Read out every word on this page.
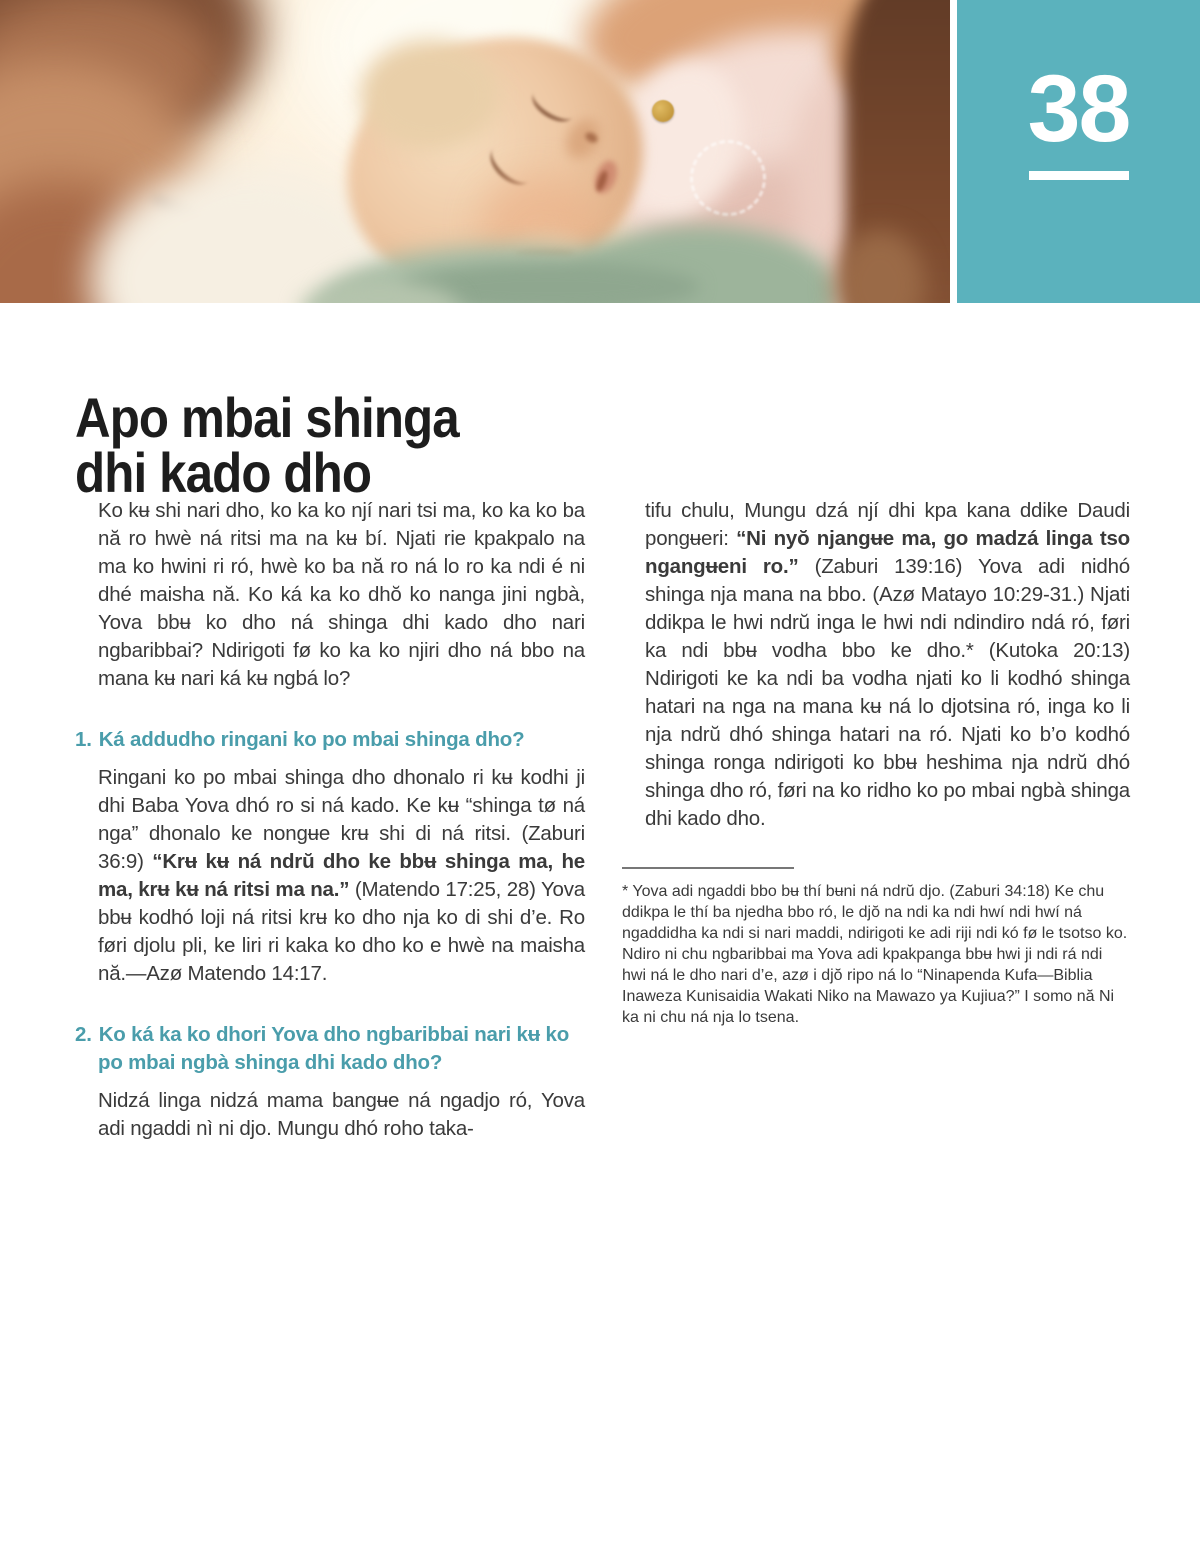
38
Apo mbai shinga
dhi kado dho

Ko kʉ shi nari dho, ko ka ko njí nari tsi ma, ko ka ko ba nă ro hwè ná ritsi ma na kʉ bí. Njati rie kpakpalo na ma ko hwini ri ró, hwè ko ba nă ro ná lo ro ka ndi é ni dhé maisha nă. Ko ká ka ko dhŏ ko nanga jini ngbà, Yova bbʉ ko dho ná shinga dhi kado dho nari ngbaribbai? Ndirigoti fø ko ka ko njiri dho ná bbo na mana kʉ nari ká kʉ ngbá lo?

1. Ká addudho ringani ko po mbai shinga dho?

Ringani ko po mbai shinga dho dhonalo ri kʉ kodhi ji dhi Baba Yova dhó ro si ná kado. Ke kʉ “shinga tø ná nga” dhonalo ke nongʉe krʉ shi di ná ritsi. (Zaburi 36:9) “Krʉ kʉ ná ndrŭ dho ke bbʉ shinga ma, he ma, krʉ kʉ ná ritsi ma na.” (Matendo 17:25, 28) Yova bbʉ kodhó loji ná ritsi krʉ ko dho nja ko di shi d’e. Ro føri djolu pli, ke liri ri kaka ko dho ko e hwè na maisha nă.—Azø Matendo 14:17.

2. Ko ká ka ko dhori Yova dho ngbaribbai nari kʉ ko po mbai ngbà shinga dhi kado dho?

Nidzá linga nidzá mama bangʉe ná ngadjo ró, Yova adi ngaddi nì ni djo. Mungu dhó roho taka-

tifu chulu, Mungu dzá njí dhi kpa kana ddike Daudi pongʉeri: “Ni nyŏ njangʉe ma, go madzá linga tso ngangʉeni ro.” (Zaburi 139:16) Yova adi nidhó shinga nja mana na bbo. (Azø Matayo 10:29-31.) Njati ddikpa le hwi ndrŭ inga le hwi ndi ndindiro ndá ró, føri ka ndi bbʉ vodha bbo ke dho.* (Kutoka 20:13) Ndirigoti ke ka ndi ba vodha njati ko li kodhó shinga hatari na nga na mana kʉ ná lo djotsina ró, inga ko li nja ndrŭ dhó shinga hatari na ró. Njati ko b’o kodhó shinga ronga ndirigoti ko bbʉ heshima nja ndrŭ dhó shinga dho ró, føri na ko ridho ko po mbai ngbà shinga dhi kado dho.

* Yova adi ngaddi bbo bʉ thí bʉni ná ndrŭ djo. (Zaburi 34:18) Ke chu ddikpa le thí ba njedha bbo ró, le djŏ na ndi ka ndi hwí ndi hwí ná ngaddidha ka ndi si nari maddi, ndirigoti ke adi riji ndi kó fø le tsotso ko. Ndiro ni chu ngbaribbai ma Yova adi kpakpanga bbʉ hwi ji ndi rá ndi hwi ná le dho nari d’e, azø i djŏ ripo ná lo “Ninapenda Kufa—Biblia Inaweza Kunisaidia Wakati Niko na Mawazo ya Kujiua?” I somo nă Ni ka ni chu ná nja lo tsena.
